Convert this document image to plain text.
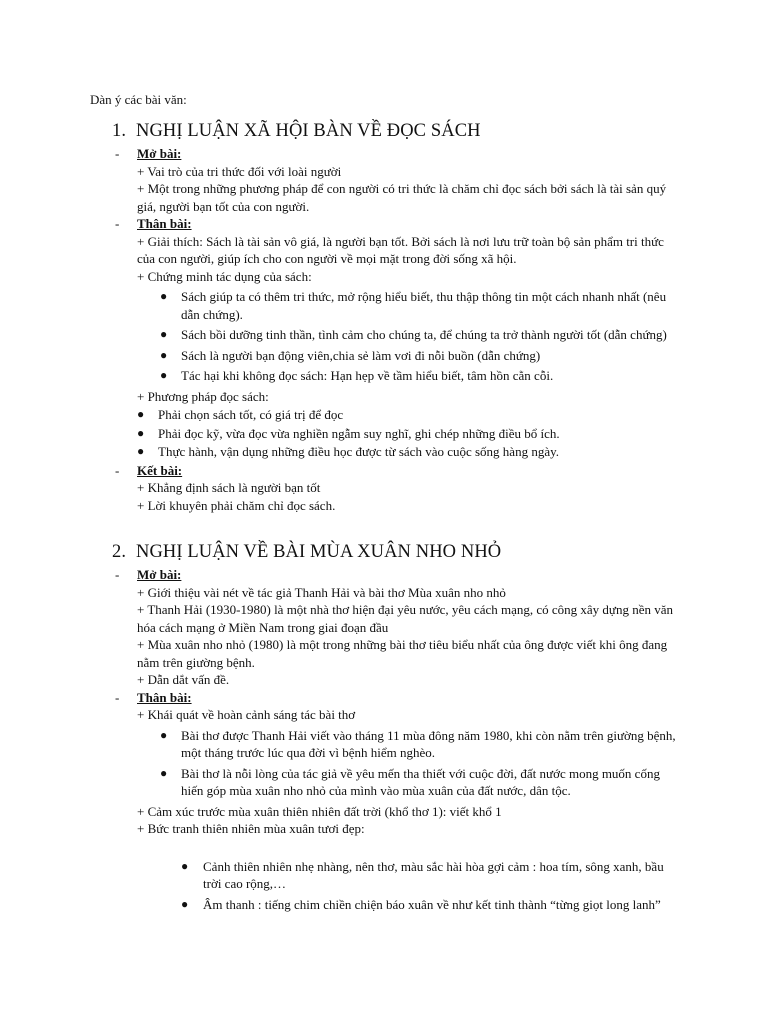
Dàn ý các bài văn:
1. NGHỊ LUẬN XÃ HỘI BÀN VỀ ĐỌC SÁCH
- Mở bài:
+ Vai trò của tri thức đối với loài người
+ Một trong những phương pháp để con người có tri thức là chăm chỉ đọc sách bởi sách là tài sản quý giá, người bạn tốt của con người.
- Thân bài:
+ Giải thích: Sách là tài sản vô giá, là người bạn tốt. Bởi sách là nơi lưu trữ toàn bộ sản phẩm tri thức của con người, giúp ích cho con người về mọi mặt trong đời sống xã hội.
+ Chứng minh tác dụng của sách:
● Sách giúp ta có thêm tri thức, mở rộng hiểu biết, thu thập thông tin một cách nhanh nhất (nêu dẫn chứng).
● Sách bồi dưỡng tinh thần, tình cảm cho chúng ta, để chúng ta trở thành người tốt (dẫn chứng)
● Sách là người bạn động viên,chia sẻ làm vơi đi nỗi buồn (dẫn chứng)
● Tác hại khi không đọc sách: Hạn hẹp về tầm hiểu biết, tâm hồn cằn cỗi.
+ Phương pháp đọc sách:
● Phải chọn sách tốt, có giá trị để đọc
● Phải đọc kỹ, vừa đọc vừa nghiền ngẫm suy nghĩ, ghi chép những điều bổ ích.
● Thực hành, vận dụng những điều học được từ sách vào cuộc sống hàng ngày.
- Kết bài:
+ Khẳng định sách là người bạn tốt
+ Lời khuyên phải chăm chỉ đọc sách.
2. NGHỊ LUẬN VỀ BÀI MÙA XUÂN NHO NHỎ
- Mở bài:
+ Giới thiệu vài nét về tác giả Thanh Hải và bài thơ Mùa xuân nho nhỏ
+ Thanh Hải (1930-1980) là một nhà thơ hiện đại yêu nước, yêu cách mạng, có công xây dựng nền văn hóa cách mạng ở Miền Nam trong giai đoạn đầu
+ Mùa xuân nho nhỏ (1980) là một trong những bài thơ tiêu biểu nhất của ông được viết khi ông đang nằm trên giường bệnh.
+ Dẫn dắt vấn đề.
- Thân bài:
+ Khái quát về hoàn cảnh sáng tác bài thơ
● Bài thơ được Thanh Hải viết vào tháng 11 mùa đông năm 1980, khi còn nằm trên giường bệnh, một tháng trước lúc qua đời vì bệnh hiểm nghèo.
● Bài thơ là nỗi lòng của tác giả về yêu mến tha thiết với cuộc đời, đất nước mong muốn cống hiến góp mùa xuân nho nhỏ của mình vào mùa xuân của đất nước, dân tộc.
+ Cảm xúc trước mùa xuân thiên nhiên đất trời (khổ thơ 1): viết khổ 1
+ Bức tranh thiên nhiên mùa xuân tươi đẹp:
● Cảnh thiên nhiên nhẹ nhàng, nên thơ, màu sắc hài hòa gợi cảm : hoa tím, sông xanh, bầu trời cao rộng,…
● Âm thanh : tiếng chim chiền chiện báo xuân về như kết tinh thành “từng giọt long lanh”
